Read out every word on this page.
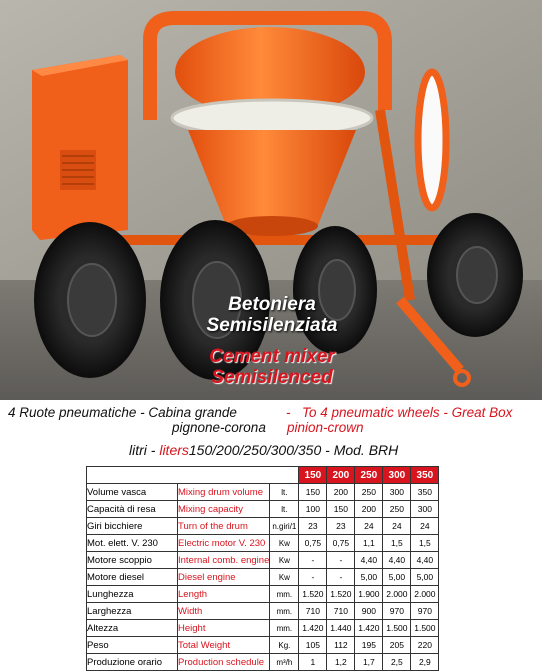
Betoniera
Semisilenziata
Cement mixer
Semisilenced
4 Ruote pneumatiche - Cabina grande	- To 4 pneumatic wheels - Great Box
pignone-corona pinion-crown
litri - liters150/200/250/300/350 - Mod. BRH
			150	200	250	300	350
Volume vasca	Mixing drum volume	lt.	150	200	250	300	350
Capacità di resa	Mixing capacity	lt.	100	150	200	250	300
Giri bicchiere	Turn of the drum	n.giri/1	23	23	24	24	24
Mot. elett. V. 230	Electric motor V. 230	Kw	0,75	0,75	1,1	1,5	1,5
Motore scoppio	Internal comb. engine	Kw	-	-	4,40	4,40	4,40
Motore diesel	Diesel engine	Kw	-	-	5,00	5,00	5,00
Lunghezza	Length	mm.	1.520	1.520	1.900	2.000	2.000
Larghezza	Width	mm.	710	710	900	970	970
Altezza	Height	mm.	1.420	1.440	1.420	1.500	1.500
Peso	Total Weight	Kg.	105	112	195	205	220
Produzione orario	Production schedule	m³/h	1	1,2	1,7	2,5	2,9
